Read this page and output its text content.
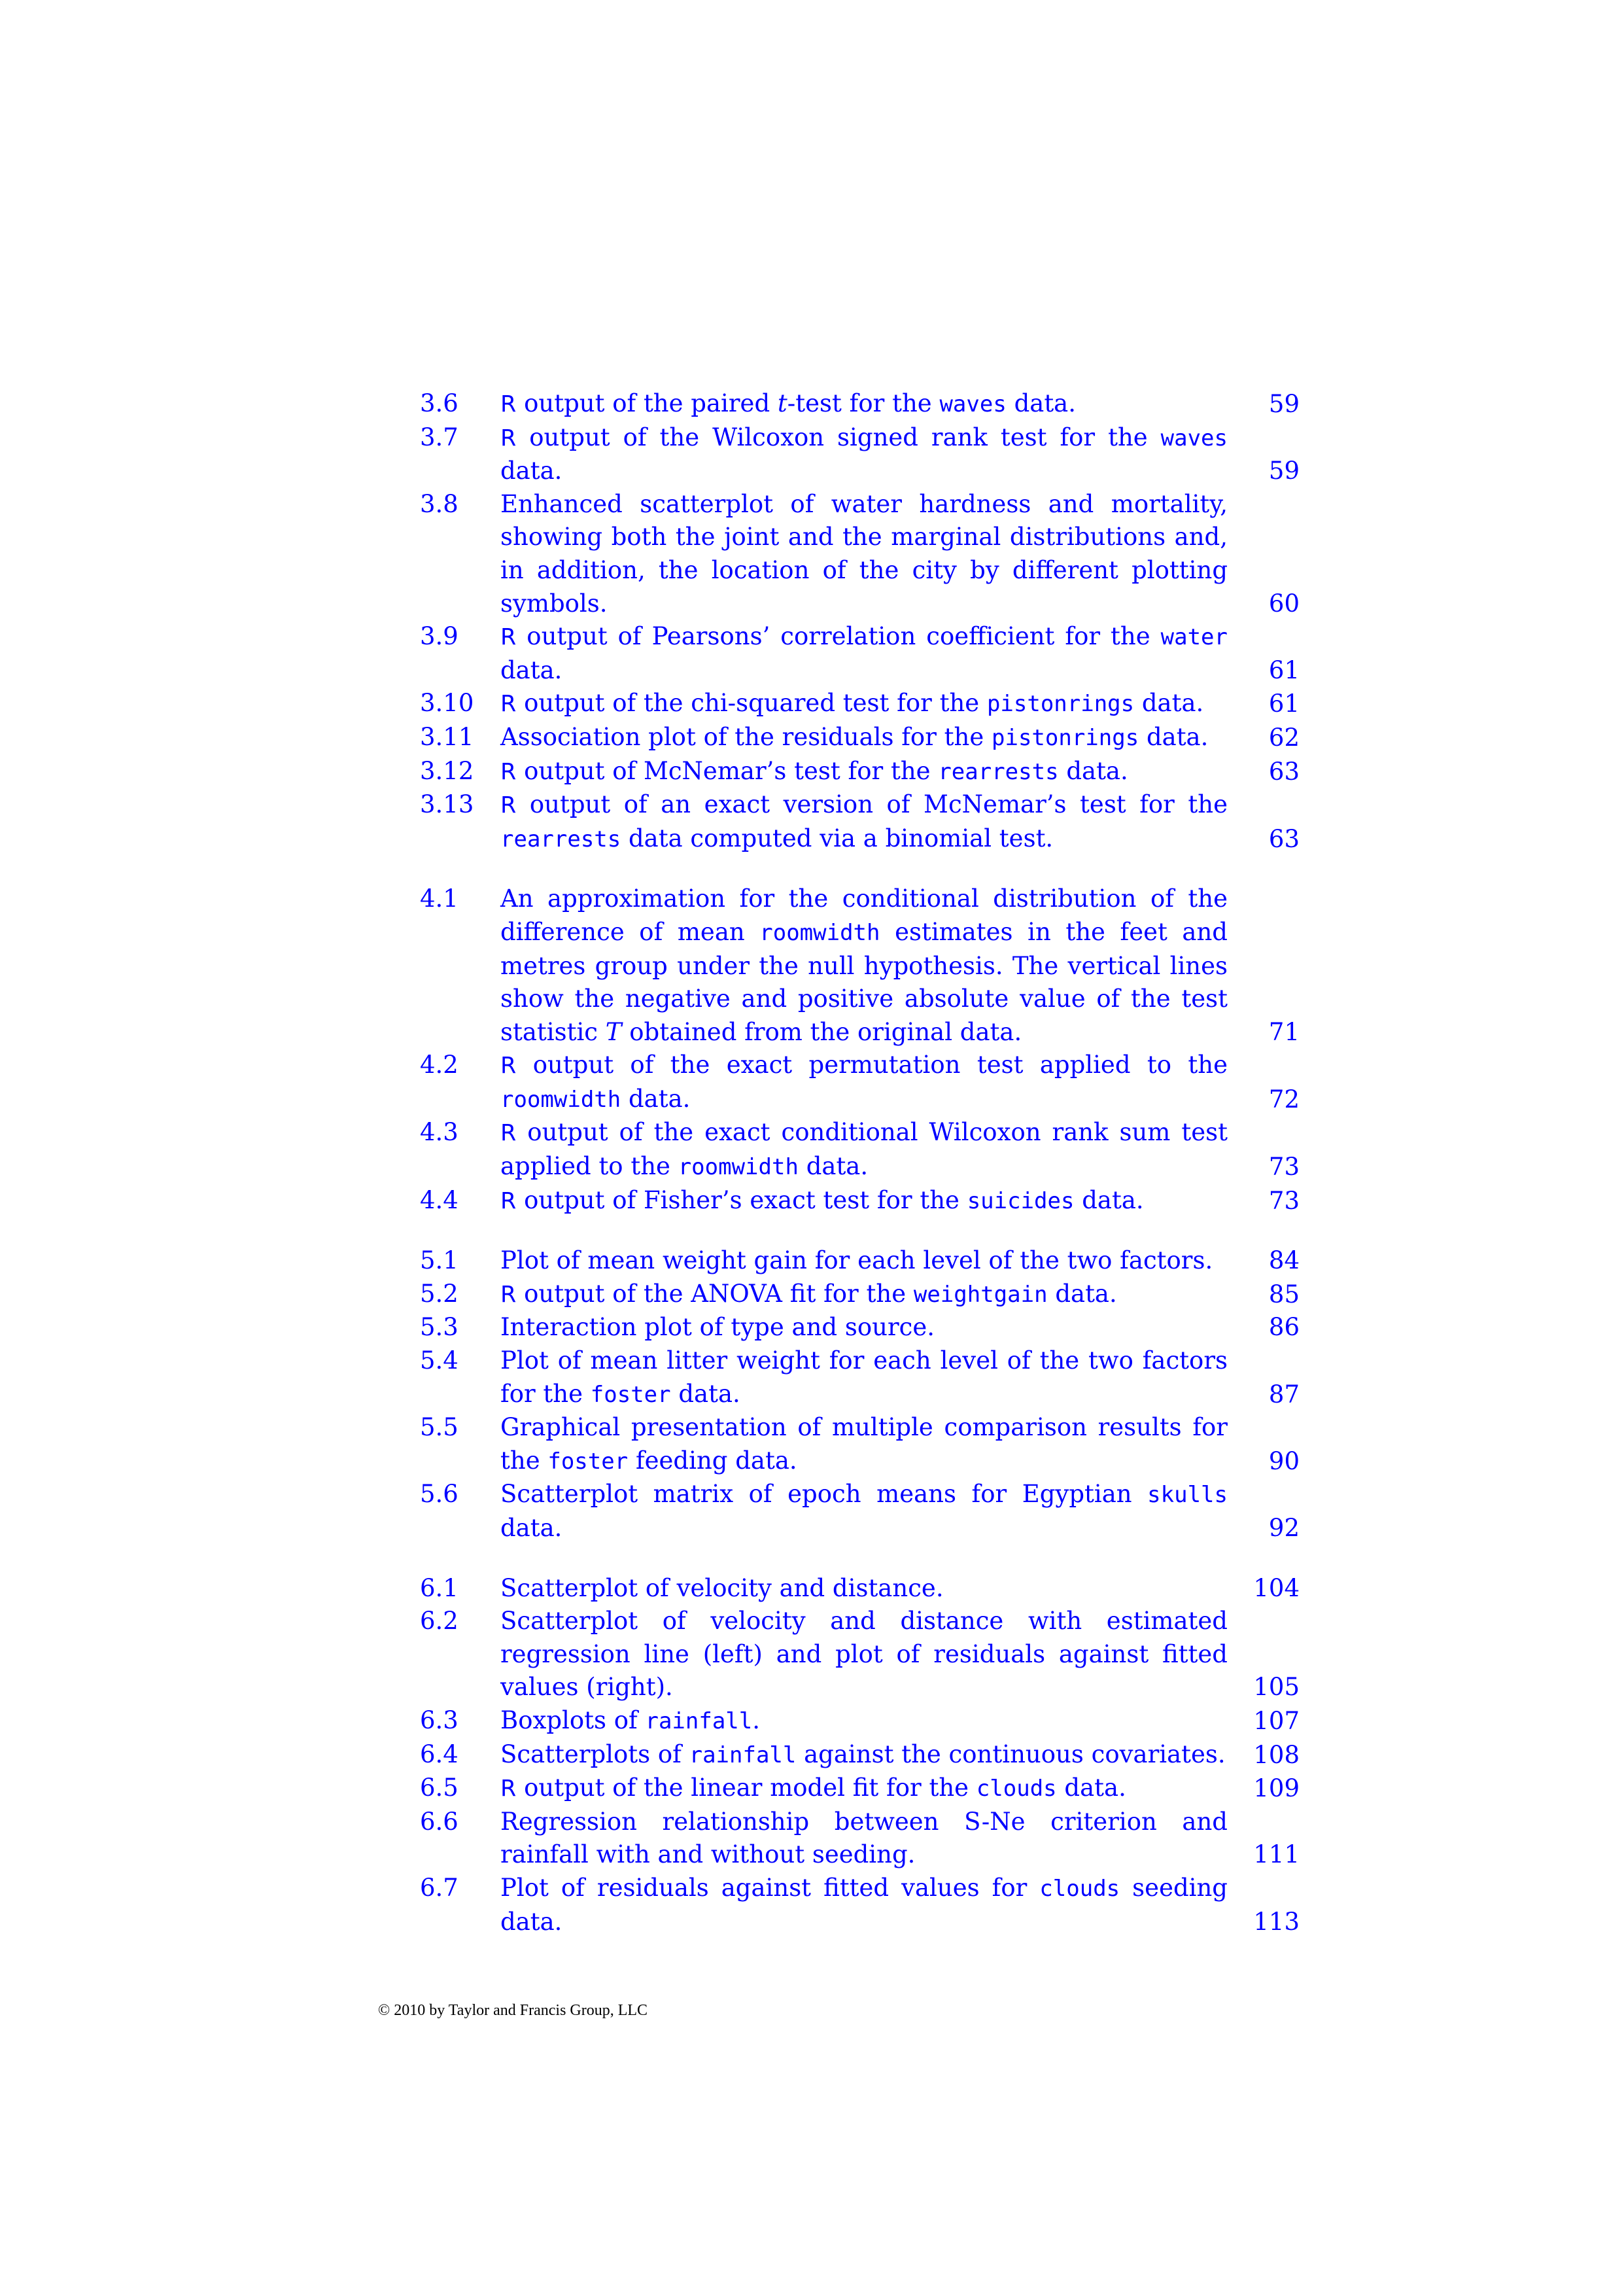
3.6	R output of the paired t-test for the waves data.	59
3.7	R output of the Wilcoxon signed rank test for the waves data.	59
3.8	Enhanced scatterplot of water hardness and mortality, showing both the joint and the marginal distributions and, in addition, the location of the city by different plotting symbols.	60
3.9	R output of Pearsons’ correlation coefficient for the water data.	61
3.10	R output of the chi-squared test for the pistonrings data.	61
3.11	Association plot of the residuals for the pistonrings data.	62
3.12	R output of McNemar’s test for the rearrests data.	63
3.13	R output of an exact version of McNemar’s test for the rearrests data computed via a binomial test.	63
4.1	An approximation for the conditional distribution of the difference of mean roomwidth estimates in the feet and metres group under the null hypothesis. The vertical lines show the negative and positive absolute value of the test statistic T obtained from the original data.	71
4.2	R output of the exact permutation test applied to the roomwidth data.	72
4.3	R output of the exact conditional Wilcoxon rank sum test applied to the roomwidth data.	73
4.4	R output of Fisher’s exact test for the suicides data.	73
5.1	Plot of mean weight gain for each level of the two factors.	84
5.2	R output of the ANOVA fit for the weightgain data.	85
5.3	Interaction plot of type and source.	86
5.4	Plot of mean litter weight for each level of the two factors for the foster data.	87
5.5	Graphical presentation of multiple comparison results for the foster feeding data.	90
5.6	Scatterplot matrix of epoch means for Egyptian skulls data.	92
6.1	Scatterplot of velocity and distance.	104
6.2	Scatterplot of velocity and distance with estimated regression line (left) and plot of residuals against fitted values (right).	105
6.3	Boxplots of rainfall.	107
6.4	Scatterplots of rainfall against the continuous covariates.	108
6.5	R output of the linear model fit for the clouds data.	109
6.6	Regression relationship between S-Ne criterion and rainfall with and without seeding.	111
6.7	Plot of residuals against fitted values for clouds seeding data.	113
© 2010 by Taylor and Francis Group, LLC
